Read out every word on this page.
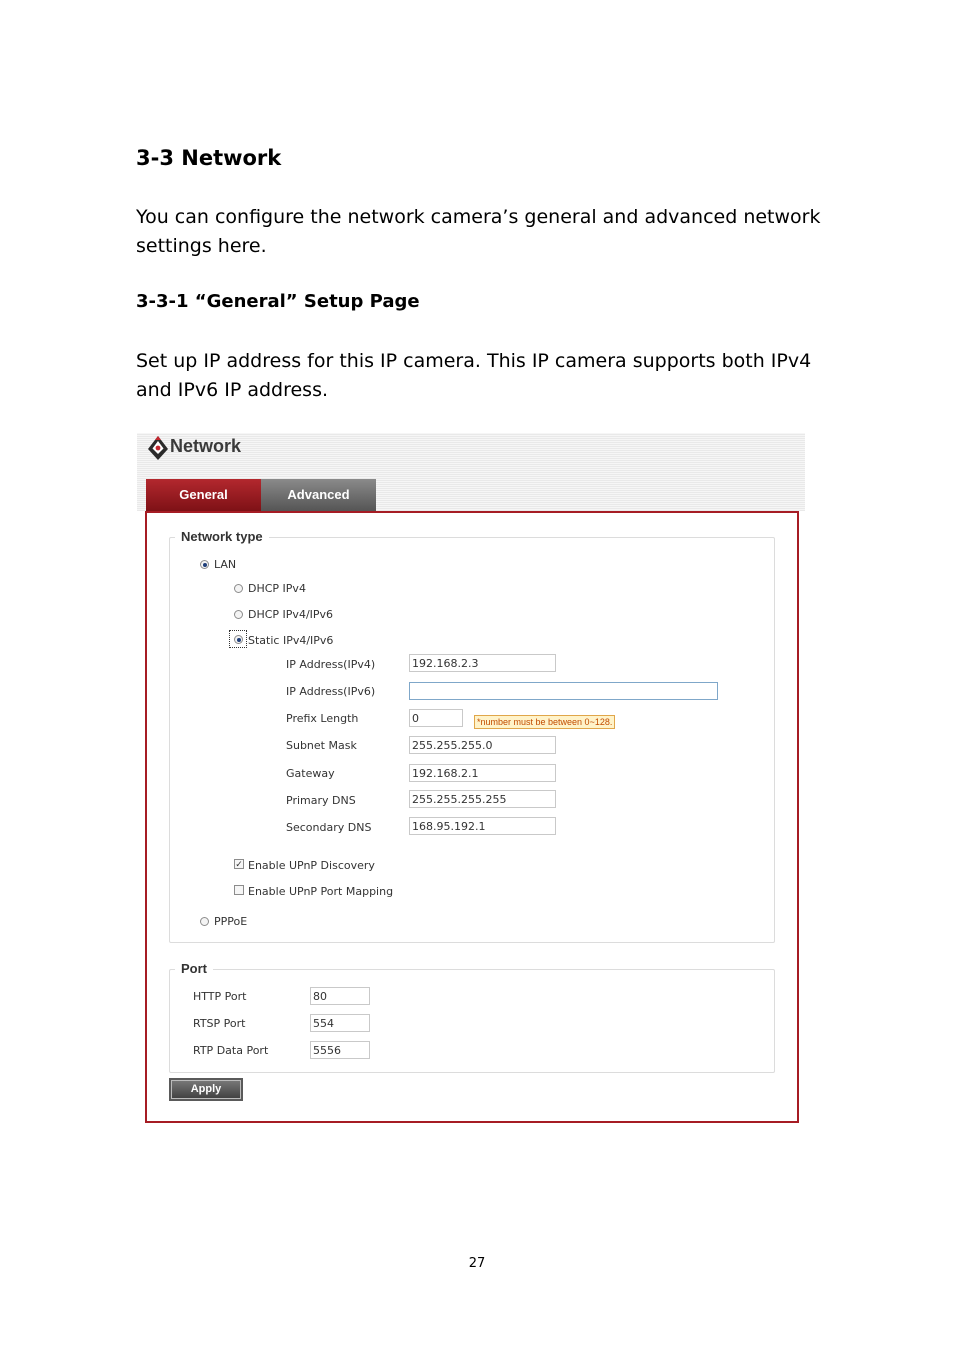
3-3 Network
You can configure the network camera’s general and advanced network settings here.
3-3-1 “General” Setup Page
Set up IP address for this IP camera. This IP camera supports both IPv4 and IPv6 IP address.
Network
General	Advanced
Network type
LAN
DHCP IPv4
DHCP IPv4/IPv6
Static IPv4/IPv6
IP Address(IPv4)	192.168.2.3
IP Address(IPv6)
Prefix Length	0	*number must be between 0~128.
Subnet Mask	255.255.255.0
Gateway	192.168.2.1
Primary DNS	255.255.255.255
Secondary DNS	168.95.192.1
✓ Enable UPnP Discovery
Enable UPnP Port Mapping
PPPoE
Port
HTTP Port	80
RTSP Port	554
RTP Data Port	5556
Apply
27
